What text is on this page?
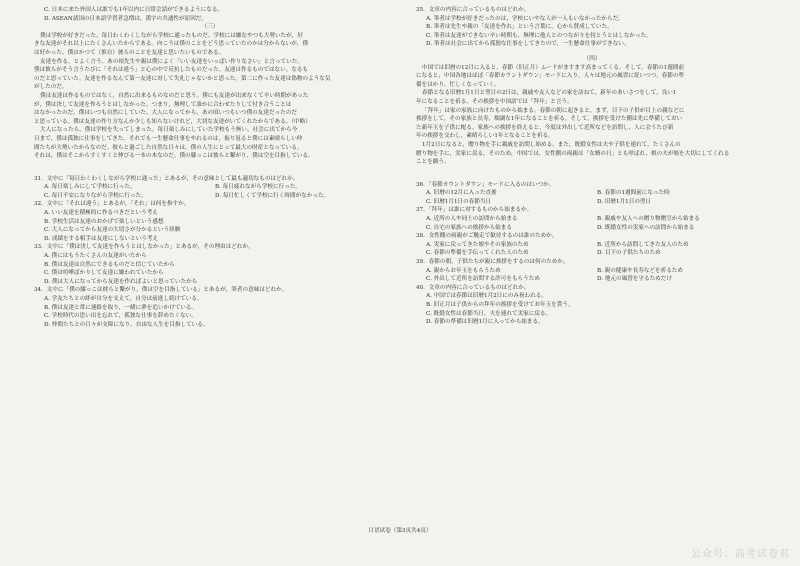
C. 日本に来た外国人は誰でも1年以内に日常会話ができるようになる。
D. ASEAN諸国の日本語学習者急増は，漢字の共通性が原因だ。
（三）
僕は学校が好きだった。毎日わくわくしながら学校に通ったものだ。学校には嫌なやつも大勢いたが，好
きな友達がそれ以上にたくさんいたからである。向こうは僕のことをどう思っていたのかは分からないが，僕
は好かった。僕はかつて（推自）彼らのことを友達と思いたいものである。
友達を作る，とよく言う。あの頃先生や親は僕によく「いい友達をいっぱい作りなさい」と言っていた。
僕は彼らがそう言うたびに「それは違う」と心の中で反抗したものだった。友達は作るものではない。なるも
のだと思っていた。友達を作るなんて第一友達に対して失礼じゃないかと思った。第二に作った友達は偽物のような気
がしたのだ。
僕は友達は作るものではなく，自然に出来るものなのだと思う。僕にも友達が出来なくて辛い時期があった
が，僕は決して友達を作ろうとはしなかった。つまり，無理して誰かに合わせたりして付き合うことは
はなかったのだ。僕はいつも自然にしていた。大人になってから，あの頃いつもいつ僕の友達だったのだ
と思っている。僕は友達の作り方なんか少しも知らないけれど，大切な友達がいてくれたからである。（中略）
大人になったら，僕は学校を失ってしまった。毎日楽しみにしていた学校もう無い。社会に出てから今
日まで，僕は孤独に仕事をしてきた。それでも一生懸命仕事をやれるのは，振り返ると僕には素晴らしい仲
間たちが大勢いたからなのだ。彼らと過ごした自然な日々は，僕の人生にとって最大の財産となっている。
それは，僕はそこからすくすくと伸びる一本の木なのだ。僕の膝っこは彼らと繋がり，僕は空を目指している。
31．文中に「毎日わくわくしながら学校に通った」とあるが，その意味として最も適切なものはどれか。
A. 毎日楽しみにして学校に行った。	B. 毎日疲れながら学校に行った。
C. 毎日不安になりながら学校に行った。	D. 毎日忙しくて学校に行く時間がなかった。
32．文中に「それは違う」とあるが，「それ」は何を指すか。
A. いい友達を積極的に作るべきだという考え
B. 学校生活は友達のおかげで楽しいという感想
C. 大人になってから友達の大切さが分かるという経験
D. 成績をする相手は友達にしないという考え
33．文中に「僕は決して友達を作ろうとはしなかった」とあるが，その理由はどれか。
A. 僕にはもうたくさんの友達がいたから
B. 僕は友達は自然にできるものだと信じていたから
C. 僕は喧嘩ばかりして友達に嫌われていたから
D. 僕は大人になってから友達を作ればよいと思っていたから
34．文中に「僕の膝っこは彼らと繋がり，僕は空を目指している」とあるが，筆者の意味はどれか。
A. 学友たちとの絆が自分を支えて，自分は前進し続けている。
B. 僕は友達と常に連絡を取り，一緒に夢を追いかけている。
C. 学校時代の思い出を忘れて，孤独な仕事を辞めたくない。
D. 仲間たちとの日々が支障になり，自由な人生を目指している。
35．文章の内容に合っているものはどれか。
A. 筆者は学校が好きだったのは，学校にいやな人が一人もいなかったからだ。
B. 筆者は先生や親の「友達を作れ」という言葉に，心から賛成していた。
C. 筆者は友達ができない辛い時期も，無理に他人とのつながりを持とうとはしなかった。
D. 筆者は社会に出てから孤独な仕事をしてきたので，一生懸命仕事ができない。
（四）
中国では旧暦の12月に入ると，春節（旧正月）ムードがますます高まってくる。そして，春節の1週間前
になると，中国各地はほぼ「春節カウントダウン」モードに入り，人々は地元の風習に従いつつ，春節の準
備をはかり，忙しくなっていく。
春節となる旧暦1月1日と翌日の2日は，親戚や友人などの家を訪ねて，新年のあいさつをして，良い1
年になることを祈る。その挨拶を中国語では「拜年」と言う。
「拜年」は家の家族に向けたものから始まる。春節の朝に起きると，まず，目下の子供が目上の親などに
挨拶をして，その家族と長寿，順調な1年になることを祈る。そして，挨拶を受けた側は先に準備しておい
た新年玉を子供に配る。家族への挨拶を終えると，今度は外出して近所などを訪問し，人に会うたび新
年の挨拶を交わし，素晴らしい1年となることを祈る。
1月2日になると，贈り物を手に親戚を訪問し始める。また，既婚女性は夫や子供を連れて，たくさんの
贈り物を手に，実家に戻る。そのため，中国では，女性側の両親は「女婿の日」とも呼ばれ，娘の夫が娘を大切にしてくれる
ことを願う。
36．「春節カウントダウン」モードに入るのはいつか。
A. 旧暦の12月に入った直後	B. 春節の1週間前になった時
C. 旧暦1月1日の春節当日	D. 旧暦1月1日の翌日
37．「拜年」は誰に対するものから始まるか。
A. 近所の人や同士の訪問から始まる	B. 親戚や友人への贈り物贈呈から始まる
C. 自宅の家族への挨拶から始まる	D. 既婚女性の実家への訪問から始まる
38．女性側の両親がご馳走で歓待するのは誰のためか。
A. 実家に戻ってきた娘やその家族のため	B. 近所から訪問してきた友人のため
C. 春節の準備を手伝ってくれた人のため	D. 目下の子供たちのため
39．春節の朝，子供たちが親に挨拶をするのは何のためか。
A. 親からお年玉をもらうため	B. 親の健康や長寿などを祈るため
C. 外出して近所を訪問する許可をもらうため	D. 地元の風習を守るためだけ
40．文章の内容に合っているものはどれか。
A. 中国では春節は旧暦1月2日にのみ祝われる。
B. 旧正月は子供からの拜年の挨拶を受けてお年玉を貰う。
C. 既婚女性は春節当日，夫を連れて実家に戻る。
D. 春節の準備は旧暦1月に入ってから始まる。
日语试卷（第3页共4页）
公众号：高考试卷君
